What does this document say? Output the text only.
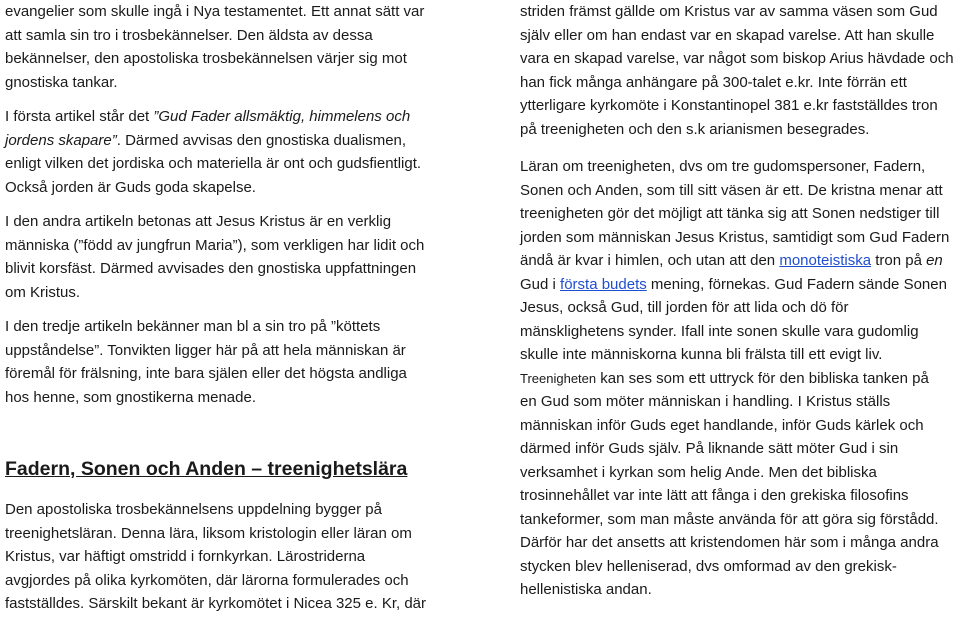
evangelier som skulle ingå i Nya testamentet. Ett annat sätt var
att samla sin tro i trosbekännelser. Den äldsta av dessa
bekännelser, den apostoliska trosbekännelsen värjer sig mot
gnostiska tankar.
I första artikel står det ”Gud Fader allsmäktig, himmelens och
jordens skapare”. Därmed avvisas den gnostiska dualismen,
enligt vilken det jordiska och materiella är ont och gudsfientligt.
Också jorden är Guds goda skapelse.
I den andra artikeln betonas att Jesus Kristus är en verklig
människa (”född av jungfrun Maria”), som verkligen har lidit och
blivit korsfäst. Därmed avvisades den gnostiska uppfattningen
om Kristus.
I den tredje artikeln bekänner man bl a sin tro på ”köttets
uppståndelse”. Tonvikten ligger här på att hela människan är
föremål för frälsning, inte bara själen eller det högsta andliga
hos henne, som gnostikerna menade.
Fadern, Sonen och Anden – treenighetslära
Den apostoliska trosbekännelsens uppdelning bygger på
treenighetsläran. Denna lära, liksom kristologin eller läran om
Kristus, var häftigt omstridd i fornkyrkan. Lärostriderna
avgjordes på olika kyrkomöten, där lärorna formulerades och
fastställdes. Särskilt bekant är kyrkomötet i Nicea 325 e. Kr, där
striden främst gällde om Kristus var av samma väsen som Gud
själv eller om han endast var en skapad varelse. Att han skulle
vara en skapad varelse, var något som biskop Arius hävdade och
han fick många anhängare på 300-talet e.kr. Inte förrän ett
ytterligare kyrkomöte i Konstantinopel 381 e.kr fastställdes tron
på treenigheten och den s.k arianismen besegrades.
Läran om treenigheten, dvs om tre gudomspersoner, Fadern,
Sonen och Anden, som till sitt väsen är ett. De kristna menar att
treenigheten gör det möjligt att tänka sig att Sonen nedstiger till
jorden som människan Jesus Kristus, samtidigt som Gud Fadern
ändå är kvar i himlen, och utan att den monoteistiska tron på en
Gud i första budets mening, förnekas. Gud Fadern sände Sonen
Jesus, också Gud, till jorden för att lida och dö för
mänsklighetens synder. Ifall inte sonen skulle vara gudomlig
skulle inte människorna kunna bli frälsta till ett evigt liv.
Treenigheten kan ses som ett uttryck för den bibliska tanken på
en Gud som möter människan i handling. I Kristus ställs
människan inför Guds eget handlande, inför Guds kärlek och
därmed inför Guds själv. På liknande sätt möter Gud i sin
verksamhet i kyrkan som helig Ande. Men det bibliska
trosinnehållet var inte lätt att fånga i den grekiska filosofins
tankeformer, som man måste använda för att göra sig förstådd.
Därför har det ansetts att kristendomen här som i många andra
stycken blev helleniserad, dvs omformad av den grekisk-
hellenistiska andan.
